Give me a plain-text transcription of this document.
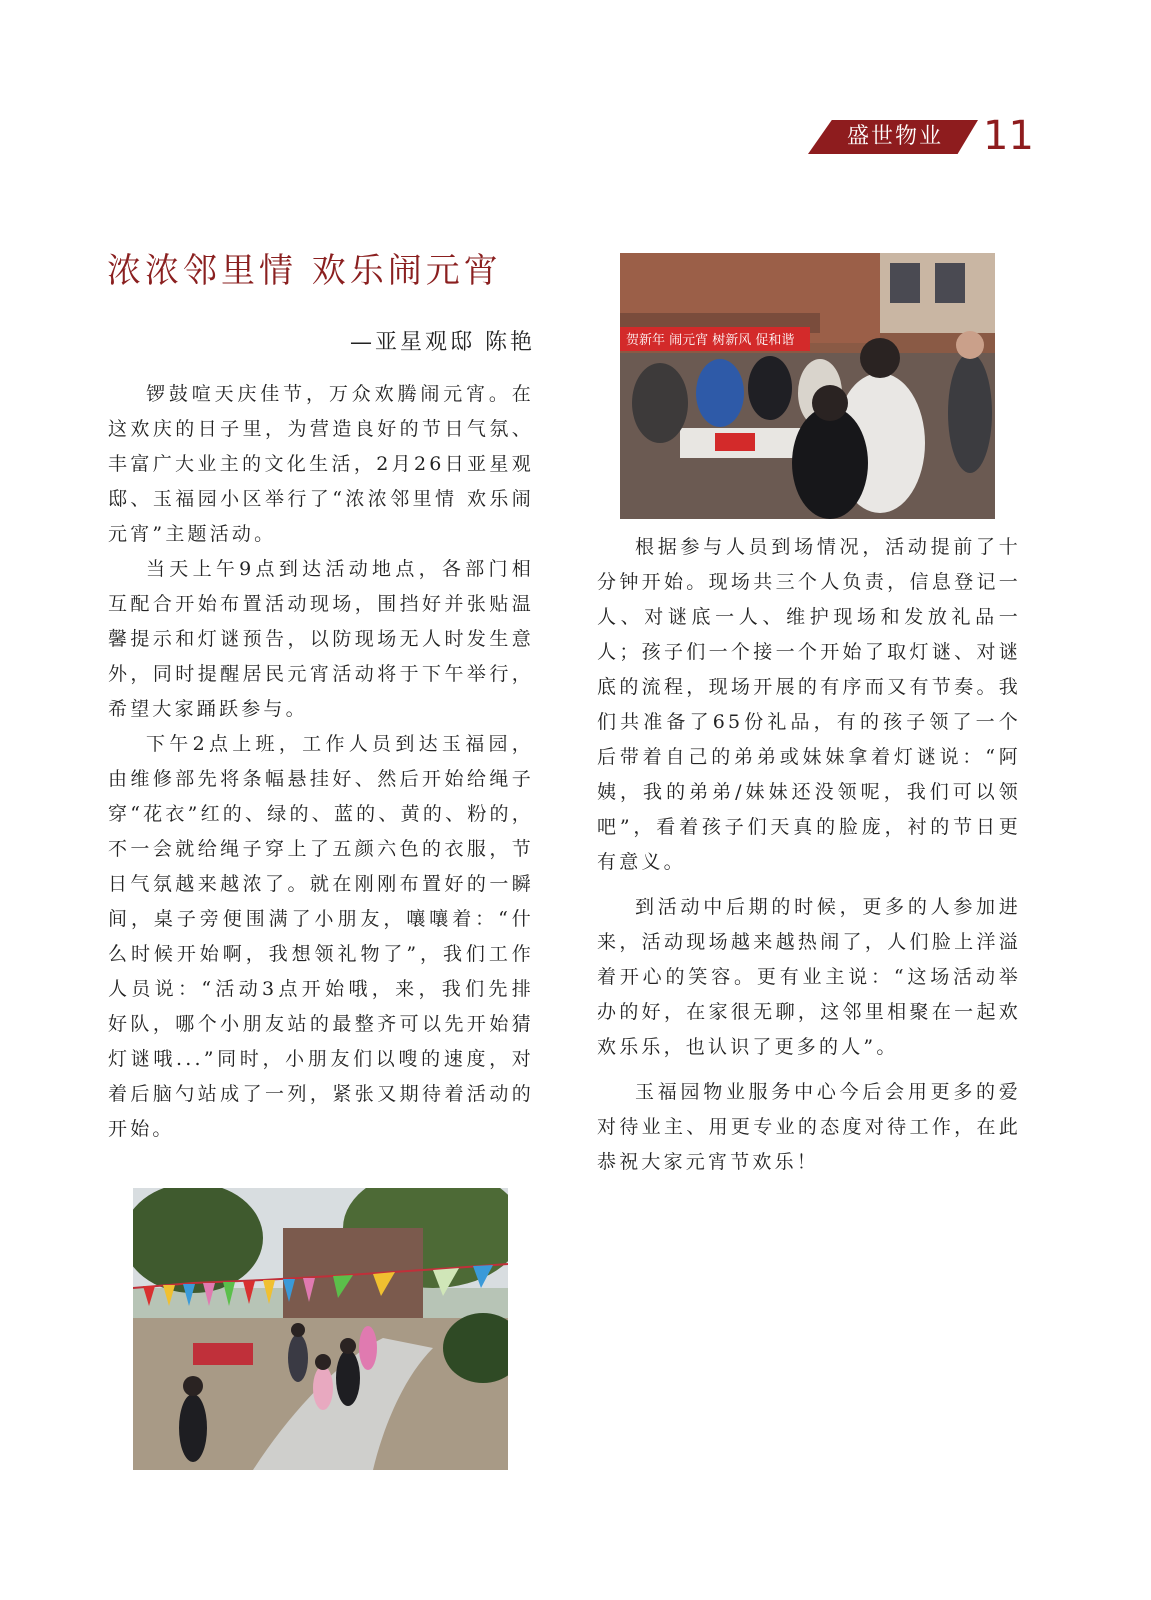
盛世物业	11
浓浓邻里情 欢乐闹元宵
—亚星观邸 陈艳

锣鼓喧天庆佳节，万众欢腾闹元宵。在这欢庆的日子里，为营造良好的节日气氛、丰富广大业主的文化生活，2月26日亚星观邸、玉福园小区举行了“浓浓邻里情 欢乐闹元宵”主题活动。

当天上午9点到达活动地点，各部门相互配合开始布置活动现场，围挡好并张贴温馨提示和灯谜预告，以防现场无人时发生意外，同时提醒居民元宵活动将于下午举行，希望大家踊跃参与。

下午2点上班，工作人员到达玉福园，由维修部先将条幅悬挂好、然后开始给绳子穿“花衣”红的、绿的、蓝的、黄的、粉的，不一会就给绳子穿上了五颜六色的衣服，节日气氛越来越浓了。就在刚刚布置好的一瞬间，桌子旁便围满了小朋友，嚷嚷着：“什么时候开始啊，我想领礼物了”，我们工作人员说：“活动3点开始哦，来，我们先排好队，哪个小朋友站的最整齐可以先开始猜灯谜哦...”同时，小朋友们以嗖的速度，对着后脑勺站成了一列，紧张又期待着活动的开始。

根据参与人员到场情况，活动提前了十分钟开始。现场共三个人负责，信息登记一人、对谜底一人、维护现场和发放礼品一人；孩子们一个接一个开始了取灯谜、对谜底的流程，现场开展的有序而又有节奏。我们共准备了65份礼品，有的孩子领了一个后带着自己的弟弟或妹妹拿着灯谜说：“阿姨，我的弟弟/妹妹还没领呢，我们可以领吧”，看着孩子们天真的脸庞，衬的节日更有意义。

到活动中后期的时候，更多的人参加进来，活动现场越来越热闹了，人们脸上洋溢着开心的笑容。更有业主说：“这场活动举办的好，在家很无聊，这邻里相聚在一起欢欢乐乐，也认识了更多的人”。

玉福园物业服务中心今后会用更多的爱对待业主、用更专业的态度对待工作，在此恭祝大家元宵节欢乐！

贺新年 闹元宵 树新风 促和谐
